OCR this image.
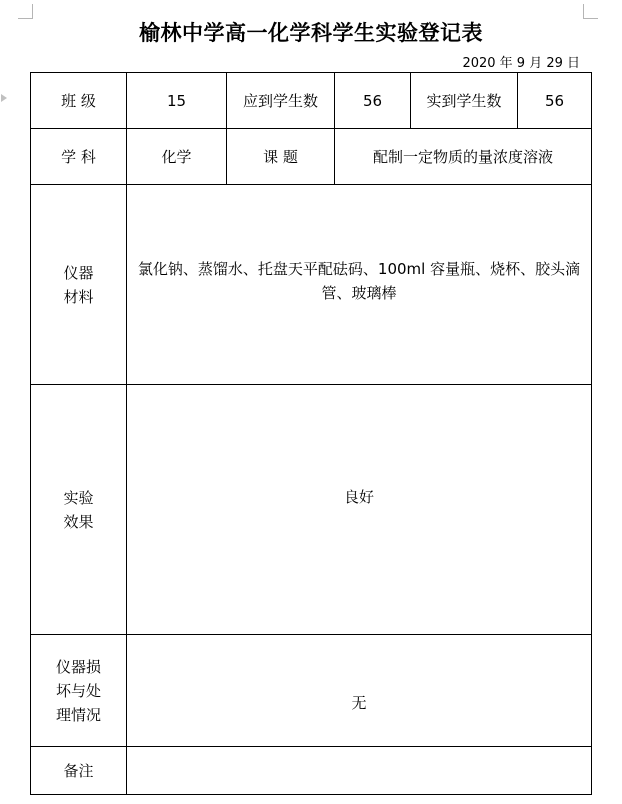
榆林中学高一化学科学生实验登记表
2020 年 9 月 29 日
班 级	15	应到学生数	56	实到学生数	56
学 科	化学	课 题	配制一定物质的量浓度溶液		
仪器
材料	氯化钠、蒸馏水、托盘天平配砝码、100ml 容量瓶、烧杯、胶头滴管、玻璃棒				
实验
效果	良好				
仪器损
坏与处
理情况	无				
备注					
